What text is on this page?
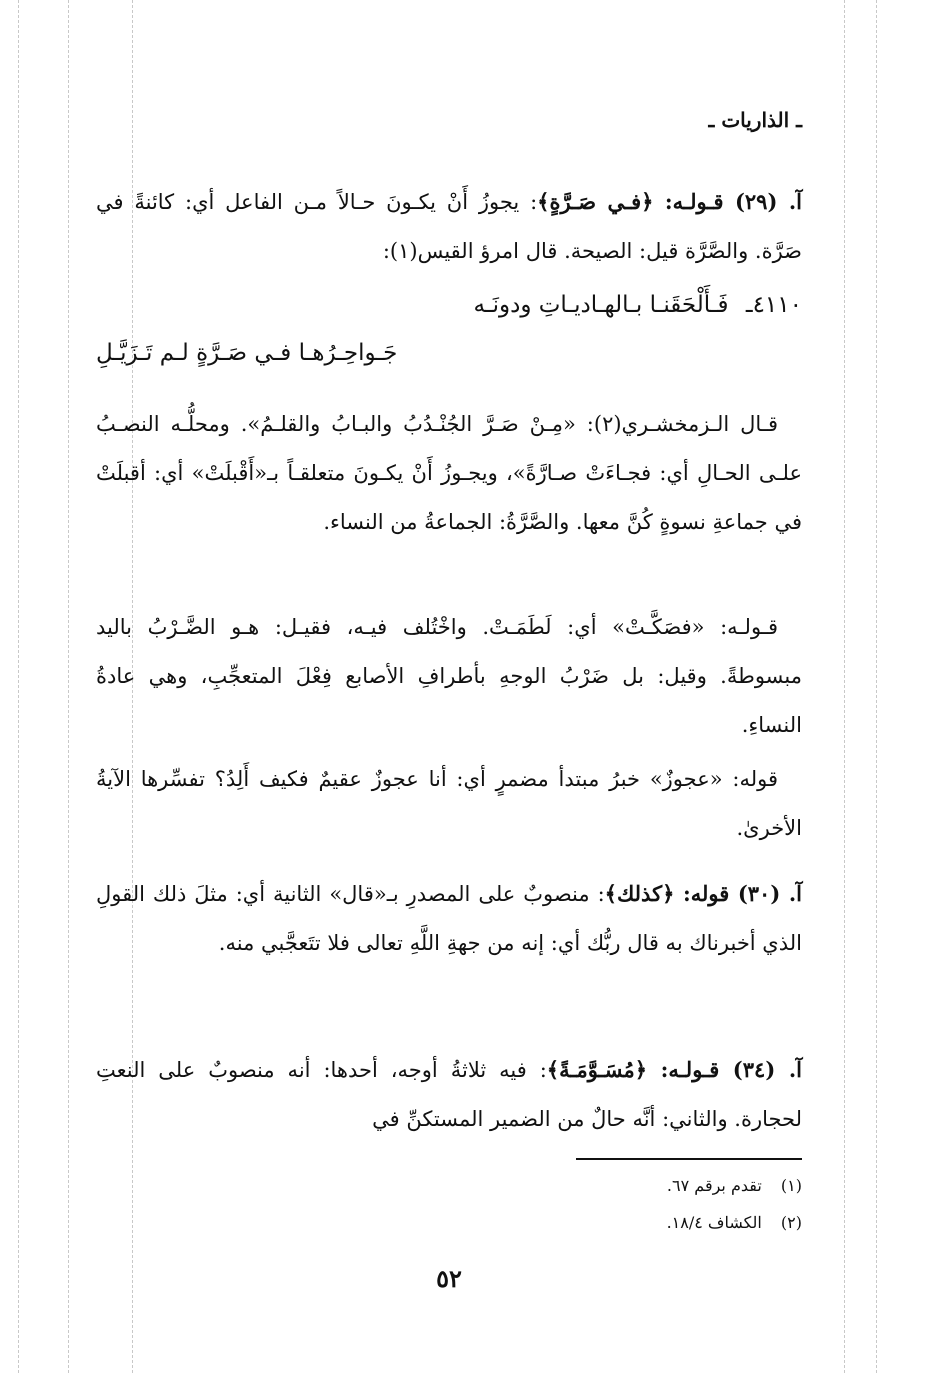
ـ الذاريات ـ
آ. (٢٩) قـولـه: ﴿فـي صَـرَّةٍ﴾: يجوزُ أَنْ يكـونَ حـالاً مـن الفاعل أي: كائنةً في صَرَّة. والصَّرَّة قيل: الصيحة. قال امرؤ القيس(١):
٤١١٠ـ فَـأَلْحَقَنـا بـالهـاديـاتِ ودونَـه
جَـواحِـرُهـا فـي صَـرَّةٍ لـم تَـزَيَّـلِ
قـال الـزمخشـري(٢): «مِـنْ صَـرَّ الجُنْـدُبُ والبـابُ والقلـمُ». ومحلُّـه النصـبُ علـى الحـالِ أي: فجـاءَتْ صـارَّةً»، ويجـوزُ أَنْ يكـونَ متعلقـاً بـ«أَقْبلَتْ» أي: أقبلَتْ في جماعةِ نسوةٍ كُنَّ معها. والصَّرَّةُ: الجماعةُ من النساء.
قـولـه: «فصَكَّـتْ» أي: لَطَمَـتْ. واخْتُلف فيـه، فقيـل: هـو الضَّـرْبُ باليد مبسوطةً. وقيل: بل ضَرْبُ الوجهِ بأطرافِ الأصابع فِعْلَ المتعجِّبِ، وهي عادةُ النساءِ.
قوله: «عجوزٌ» خبرُ مبتدأ مضمرٍ أي: أنا عجوزٌ عقيمٌ فكيف أَلِدُ؟ تفسِّرها الآيةُ الأخرىٰ.
آ. (٣٠) قوله: ﴿كذلك﴾: منصوبٌ على المصدرِ بـ«قال» الثانية أي: مثلَ ذلك القولِ الذي أخبرناك به قال ربُّك أي: إنه من جهةِ اللَّهِ تعالى فلا تتَعجَّبي منه.
آ. (٣٤) قـولـه: ﴿مُسَـوَّمَـةً﴾: فيه ثلاثةُ أوجه، أحدها: أنه منصوبٌ على النعتِ لحجارة. والثاني: أنَّه حالٌ من الضمير المستكنِّ في
(١) تقدم برقم ٦٧.
(٢) الكشاف ١٨/٤.
٥٢
